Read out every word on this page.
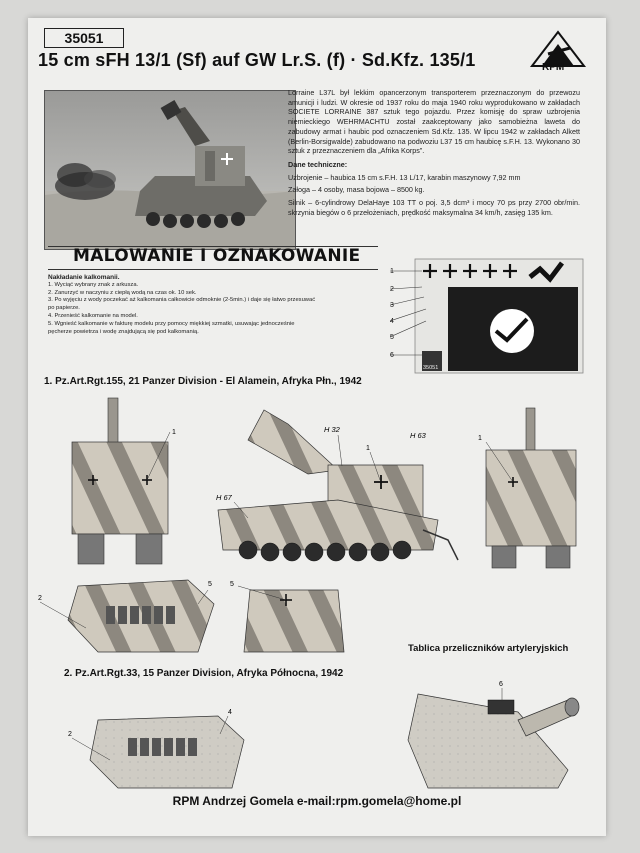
35051
15 cm sFH 13/1 (Sf) auf GW Lr.S. (f) · Sd.Kfz. 135/1	RPM

Lorraine L37L był lekkim opancerzonym transporterem przeznaczonym do przewozu amunicji i ludzi. W okresie od 1937 roku do maja 1940 roku wyprodukowano w zakładach SOCIETE LORRAINE 387 sztuk tego pojazdu. Przez komisję do spraw uzbrojenia niemieckiego WEHRMACHTU został zaakceptowany jako samobieżna laweta do zabudowy armat i haubic pod oznaczeniem Sd.Kfz. 135. W lipcu 1942 w zakładach Alkett (Berlin-Borsigwalde) zabudowano na podwoziu L37 15 cm haubicę s.F.H. 13. Wykonano 30 sztuk z przeznaczeniem dla „Afrika Korps”.

Dane techniczne:

Uzbrojenie – haubica 15 cm s.F.H. 13 L/17, karabin maszynowy 7,92 mm

Załoga – 4 osoby, masa bojowa – 8500 kg.

Silnik – 6-cylindrowy DelaHaye 103 TT o poj. 3,5 dcm³ i mocy 70 ps przy 2700 obr/min. skrzynia biegów o 6 przełożeniach, prędkość maksymalna 34 km/h, zasięg 135 km.

MALOWANIE I OZNAKOWANIE
Nakładanie kalkomanii.
1. Wyciąć wybrany znak z arkusza.
2. Zanurzyć w naczyniu z ciepłą wodą na czas ok. 10 sek.
3. Po wyjęciu z wody poczekać aż kalkomania całkowicie odmoknie (2-5min.) i daje się łatwo przesuwać po papierze.
4. Przenieść kalkomanie na model.
5. Wgnieść kalkomanie w fakturę modelu przy pomocy miękkiej szmatki, usuwając jednocześnie pęcherze powietrza i wodę znajdującą się pod kalkomanią.
1
2
3
4
5
6
35051
1. Pz.Art.Rgt.155, 21 Panzer Division - El Alamein, Afryka Płn., 1942
1	H 32
H 63
H 67
1
1
2
5	5
2. Pz.Art.Rgt.33, 15 Panzer Division, Afryka Północna, 1942
Tablica przeliczników artyleryjskich
2
4
6
RPM Andrzej Gomela e-mail:rpm.gomela@home.pl
